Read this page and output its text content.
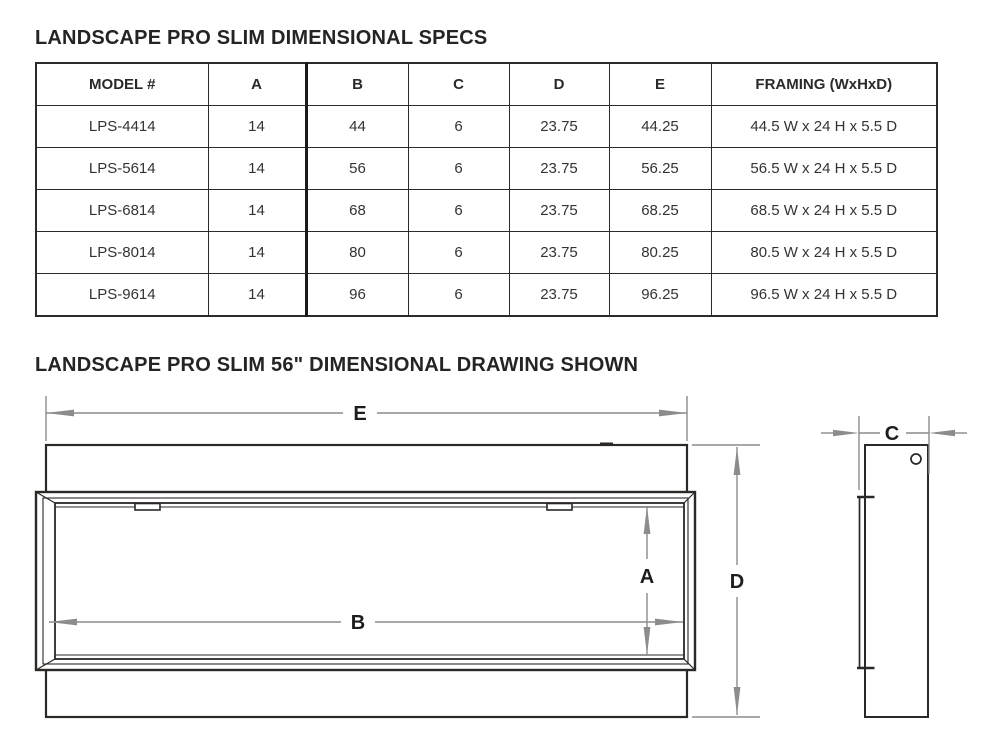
LANDSCAPE PRO SLIM DIMENSIONAL SPECS
MODEL #	A	B	C	D	E	FRAMING (WxHxD)
LPS-4414	14	44	6	23.75	44.25	44.5 W x 24 H x 5.5 D
LPS-5614	14	56	6	23.75	56.25	56.5 W x 24 H x 5.5 D
LPS-6814	14	68	6	23.75	68.25	68.5 W x 24 H x 5.5 D
LPS-8014	14	80	6	23.75	80.25	80.5 W x 24 H x 5.5 D
LPS-9614	14	96	6	23.75	96.25	96.5 W x 24 H x 5.5 D
LANDSCAPE PRO SLIM 56" DIMENSIONAL DRAWING SHOWN
E
A
B
D
C
